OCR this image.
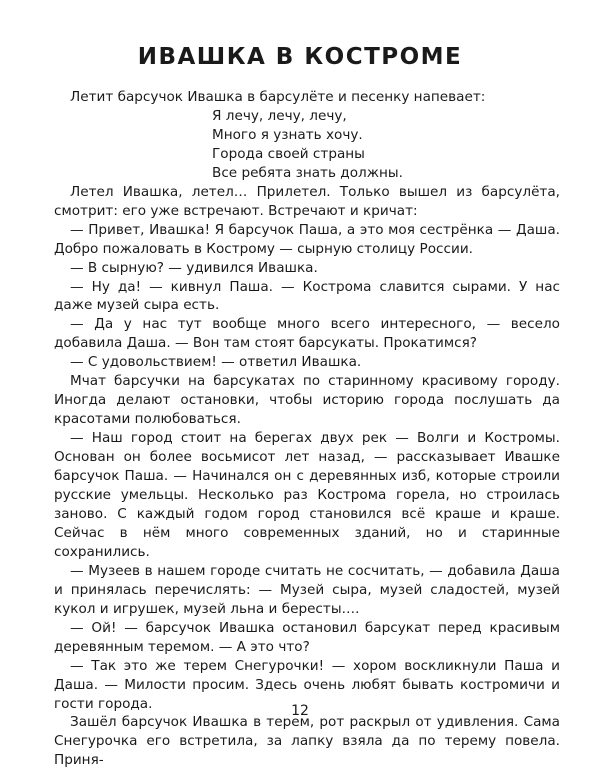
ИВАШКА В КОСТРОМЕ

Летит барсучок Ивашка в барсулёте и песенку напевает:

Я лечу, лечу, лечу,
Много я узнать хочу.
Города своей страны
Все ребята знать должны.

Летел Ивашка, летел… Прилетел. Только вышел из барсулёта, смотрит: его уже встречают. Встречают и кричат:

— Привет, Ивашка! Я барсучок Паша, а это моя сестрёнка — Даша. Добро пожаловать в Кострому — сырную столицу России.

— В сырную? — удивился Ивашка.

— Ну да! — кивнул Паша. — Кострома славится сырами. У нас даже музей сыра есть.

— Да у нас тут вообще много всего интересного, — весело добавила Даша. — Вон там стоят барсукаты. Прокатимся?

— С удовольствием! — ответил Ивашка.

Мчат барсучки на барсукатах по старинному красивому городу. Иногда делают остановки, чтобы историю города послушать да красотами полюбоваться.

— Наш город стоит на берегах двух рек — Волги и Костромы. Основан он более восьмисот лет назад, — рассказывает Ивашке барсучок Паша. — Начинался он с деревянных изб, которые строили русские умельцы. Несколько раз Кострома горела, но строилась заново. С каждый годом город становился всё краше и краше. Сейчас в нём много современных зданий, но и старинные сохранились.

— Музеев в нашем городе считать не сосчитать, — добавила Даша и принялась перечислять: — Музей сыра, музей сладостей, музей кукол и игрушек, музей льна и бересты….

— Ой! — барсучок Ивашка остановил барсукат перед красивым деревянным теремом. — А это что?

— Так это же терем Снегурочки! — хором воскликнули Паша и Даша. — Милости просим. Здесь очень любят бывать костромичи и гости города.

Зашёл барсучок Ивашка в терем, рот раскрыл от удивления. Сама Снегурочка его встретила, за лапку взяла да по терему повела. Приня-

12
